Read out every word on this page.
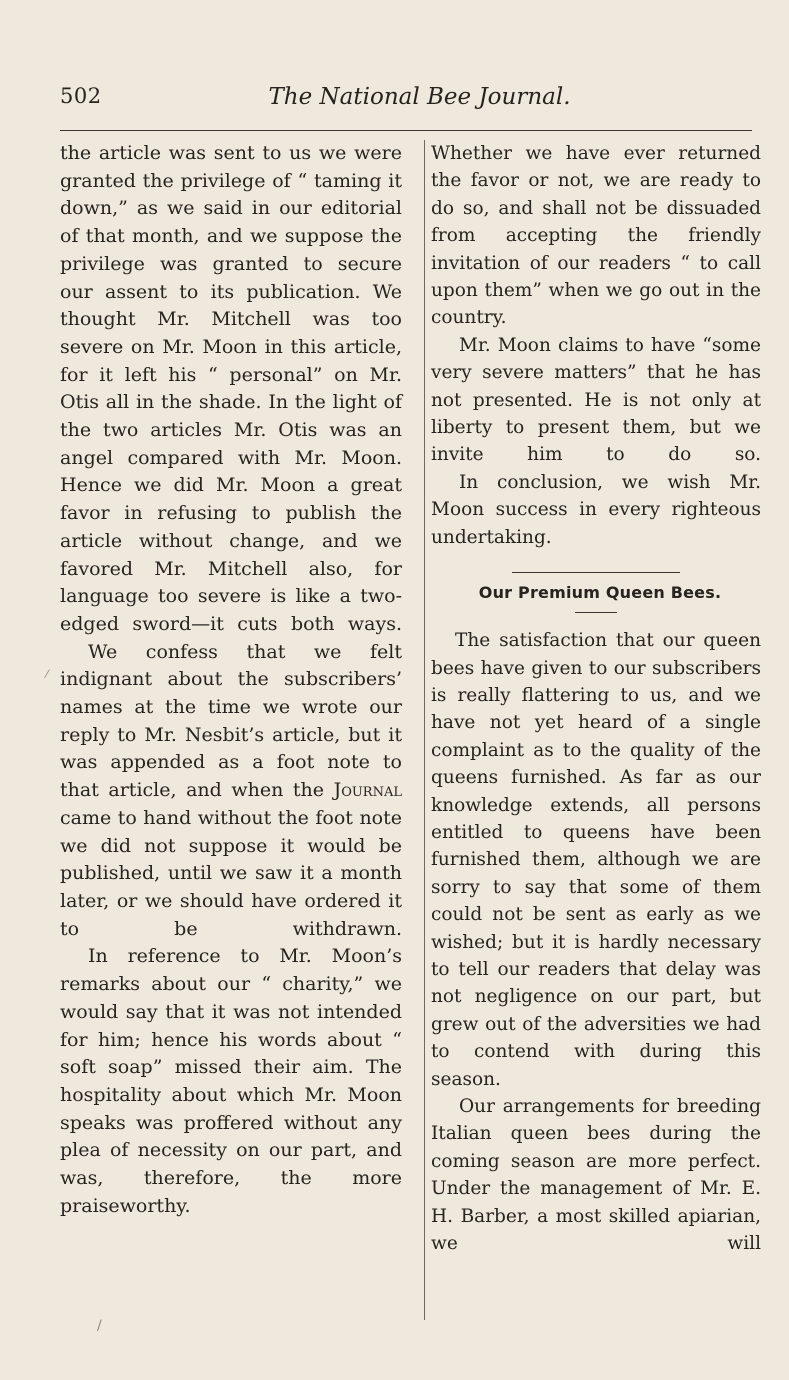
502	The National Bee Journal.

the article was sent to us we were granted the privilege of “ taming it down,” as we said in our editorial of that month, and we suppose the privilege was granted to secure our assent to its publication. We thought Mr. Mitchell was too severe on Mr. Moon in this article, for it left his “ personal” on Mr. Otis all in the shade. In the light of the two articles Mr. Otis was an angel compared with Mr. Moon. Hence we did Mr. Moon a great favor in refusing to publish the article without change, and we favored Mr. Mitchell also, for language too severe is like a two-edged sword—it cuts both ways.

We confess that we felt indignant about the subscribers’ names at the time we wrote our reply to Mr. Nesbit’s article, but it was appended as a foot note to that article, and when the Journal came to hand without the foot note we did not suppose it would be published, until we saw it a month later, or we should have ordered it to be withdrawn.

In reference to Mr. Moon’s remarks about our “ charity,” we would say that it was not intended for him; hence his words about “ soft soap” missed their aim. The hospitality about which Mr. Moon speaks was proffered without any plea of necessity on our part, and was, therefore, the more praiseworthy.

Whether we have ever returned the favor or not, we are ready to do so, and shall not be dissuaded from accepting the friendly invitation of our readers “ to call upon them” when we go out in the country.

Mr. Moon claims to have “some very severe matters” that he has not presented. He is not only at liberty to present them, but we invite him to do so.

In conclusion, we wish Mr. Moon success in every righteous undertaking.

Our Premium Queen Bees.

The satisfaction that our queen bees have given to our subscribers is really flattering to us, and we have not yet heard of a single complaint as to the quality of the queens furnished. As far as our knowledge extends, all persons entitled to queens have been furnished them, although we are sorry to say that some of them could not be sent as early as we wished; but it is hardly necessary to tell our readers that delay was not negligence on our part, but grew out of the adversities we had to contend with during this season.

Our arrangements for breeding Italian queen bees during the coming season are more perfect. Under the management of Mr. E. H. Barber, a most skilled apiarian, we will

/
⁄
